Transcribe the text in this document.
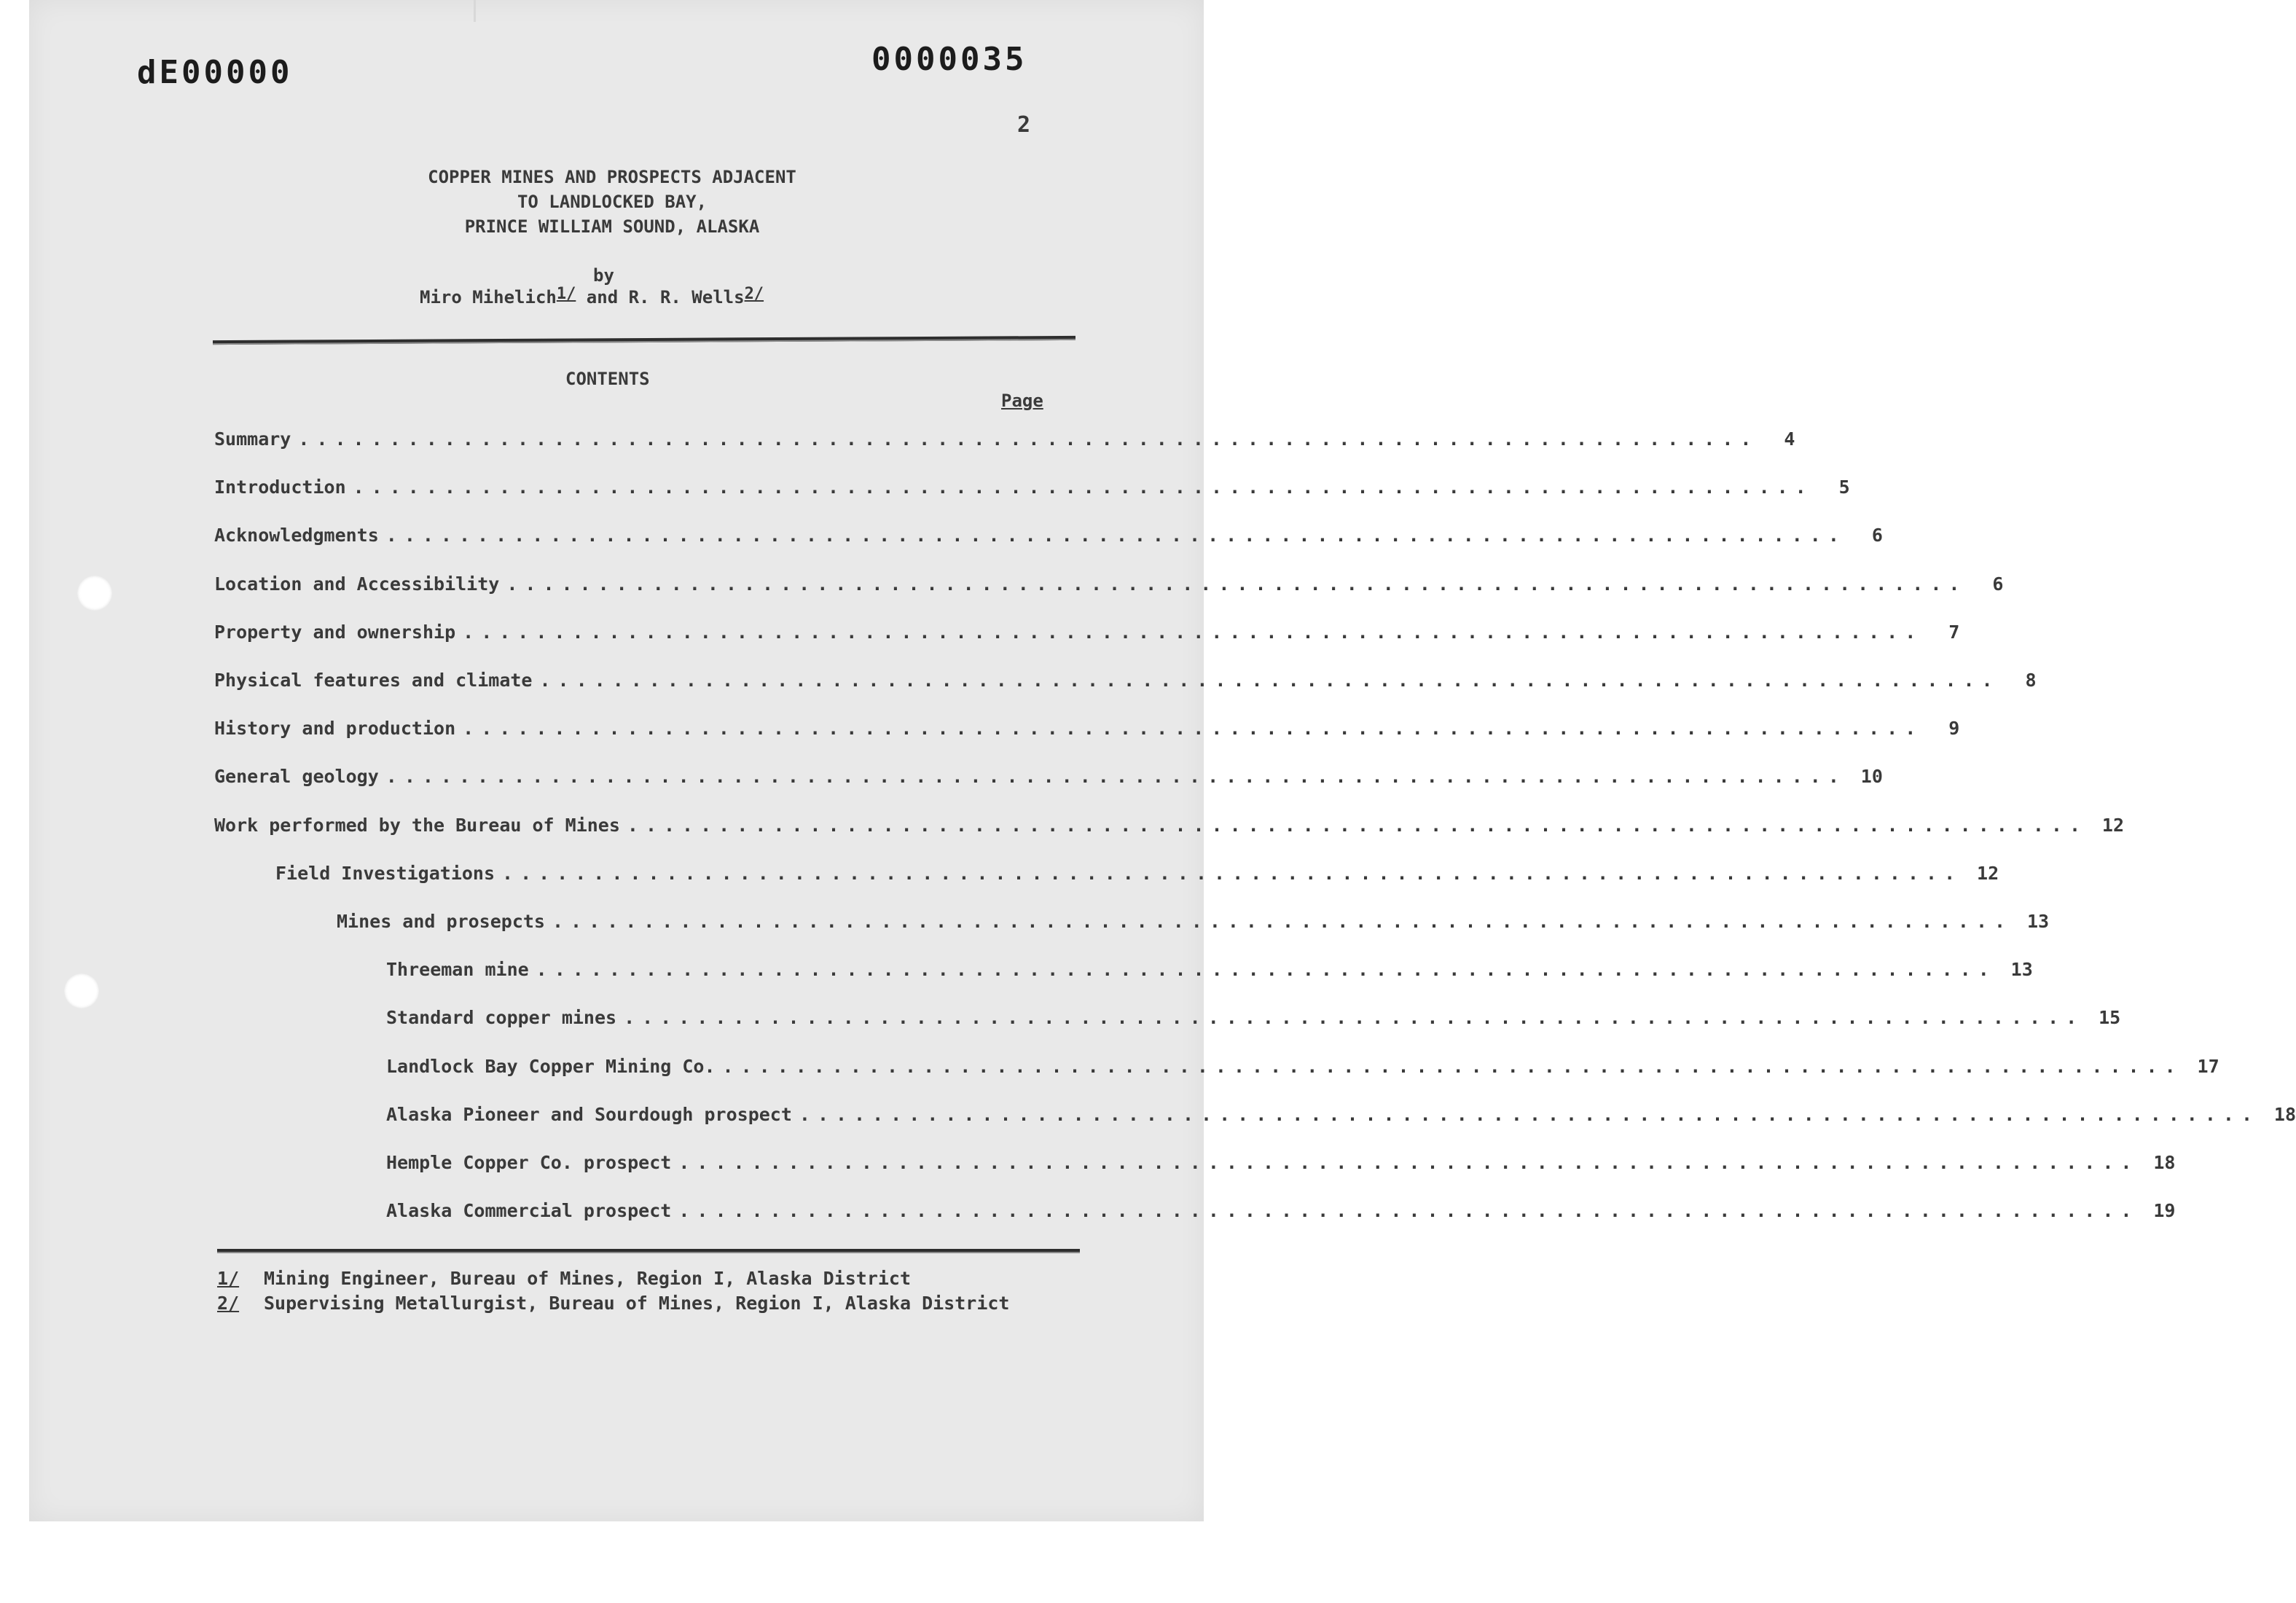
dE00000	0000035
2
COPPER MINES AND PROSPECTS ADJACENT
TO LANDLOCKED BAY,
PRINCE WILLIAM SOUND, ALASKA
by
Miro Mihelich$^{1/}$ and R. R. Wells$^{2/}$
CONTENTS
Page
Summary ................................................................................	4
Introduction ................................................................................	5
Acknowledgments ................................................................................	6
Location and Accessibility ................................................................................	6
Property and ownership ................................................................................	7
Physical features and climate ................................................................................	8
History and production ................................................................................	9
General geology ................................................................................ 10
Work performed by the Bureau of Mines ................................................................................ 12
Field Investigations ................................................................................ 12
Mines and prosepcts ................................................................................ 13
Threeman mine ................................................................................ 13
Standard copper mines ................................................................................ 15
Landlock Bay Copper Mining Co. ................................................................................ 17
Alaska Pioneer and Sourdough prospect ................................................................................ 18
Hemple Copper Co. prospect ................................................................................ 18
Alaska Commercial prospect ................................................................................ 19
1/ Mining Engineer, Bureau of Mines, Region I, Alaska District
2/ Supervising Metallurgist, Bureau of Mines, Region I, Alaska District
